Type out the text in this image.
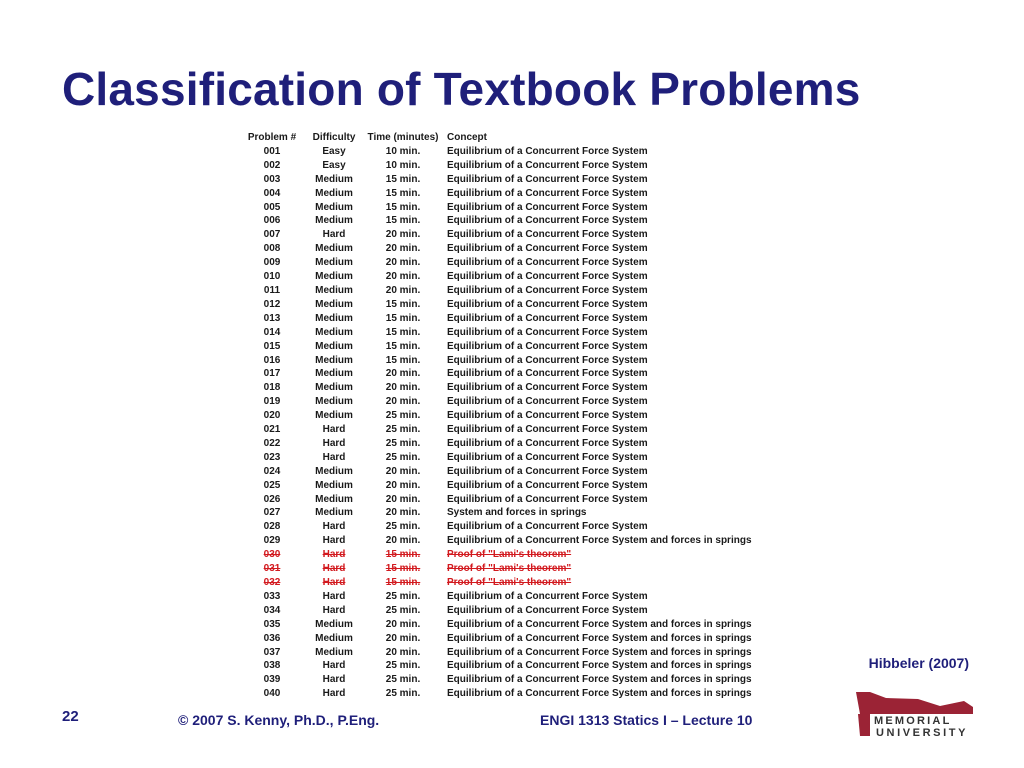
Classification of Textbook Problems
Problem #	Difficulty	Time (minutes)	Concept
001	Easy	10 min.	Equilibrium of a Concurrent Force System
002	Easy	10 min.	Equilibrium of a Concurrent Force System
003	Medium	15 min.	Equilibrium of a Concurrent Force System
004	Medium	15 min.	Equilibrium of a Concurrent Force System
005	Medium	15 min.	Equilibrium of a Concurrent Force System
006	Medium	15 min.	Equilibrium of a Concurrent Force System
007	Hard	20 min.	Equilibrium of a Concurrent Force System
008	Medium	20 min.	Equilibrium of a Concurrent Force System
009	Medium	20 min.	Equilibrium of a Concurrent Force System
010	Medium	20 min.	Equilibrium of a Concurrent Force System
011	Medium	20 min.	Equilibrium of a Concurrent Force System
012	Medium	15 min.	Equilibrium of a Concurrent Force System
013	Medium	15 min.	Equilibrium of a Concurrent Force System
014	Medium	15 min.	Equilibrium of a Concurrent Force System
015	Medium	15 min.	Equilibrium of a Concurrent Force System
016	Medium	15 min.	Equilibrium of a Concurrent Force System
017	Medium	20 min.	Equilibrium of a Concurrent Force System
018	Medium	20 min.	Equilibrium of a Concurrent Force System
019	Medium	20 min.	Equilibrium of a Concurrent Force System
020	Medium	25 min.	Equilibrium of a Concurrent Force System
021	Hard	25 min.	Equilibrium of a Concurrent Force System
022	Hard	25 min.	Equilibrium of a Concurrent Force System
023	Hard	25 min.	Equilibrium of a Concurrent Force System
024	Medium	20 min.	Equilibrium of a Concurrent Force System
025	Medium	20 min.	Equilibrium of a Concurrent Force System
026	Medium	20 min.	Equilibrium of a Concurrent Force System
027	Medium	20 min.	System and forces in springs
028	Hard	25 min.	Equilibrium of a Concurrent Force System
029	Hard	20 min.	Equilibrium of a Concurrent Force System and forces in springs
030	Hard	15 min.	Proof of "Lami's theorem"
031	Hard	15 min.	Proof of "Lami's theorem"
032	Hard	15 min.	Proof of "Lami's theorem"
033	Hard	25 min.	Equilibrium of a Concurrent Force System
034	Hard	25 min.	Equilibrium of a Concurrent Force System
035	Medium	20 min.	Equilibrium of a Concurrent Force System and forces in springs
036	Medium	20 min.	Equilibrium of a Concurrent Force System and forces in springs
037	Medium	20 min.	Equilibrium of a Concurrent Force System and forces in springs
038	Hard	25 min.	Equilibrium of a Concurrent Force System and forces in springs
039	Hard	25 min.	Equilibrium of a Concurrent Force System and forces in springs
040	Hard	25 min.	Equilibrium of a Concurrent Force System and forces in springs
Hibbeler (2007)
22	© 2007 S. Kenny, Ph.D., P.Eng.	ENGI 1313 Statics I – Lecture 10	MEMORIAL
UNIVERSITY
